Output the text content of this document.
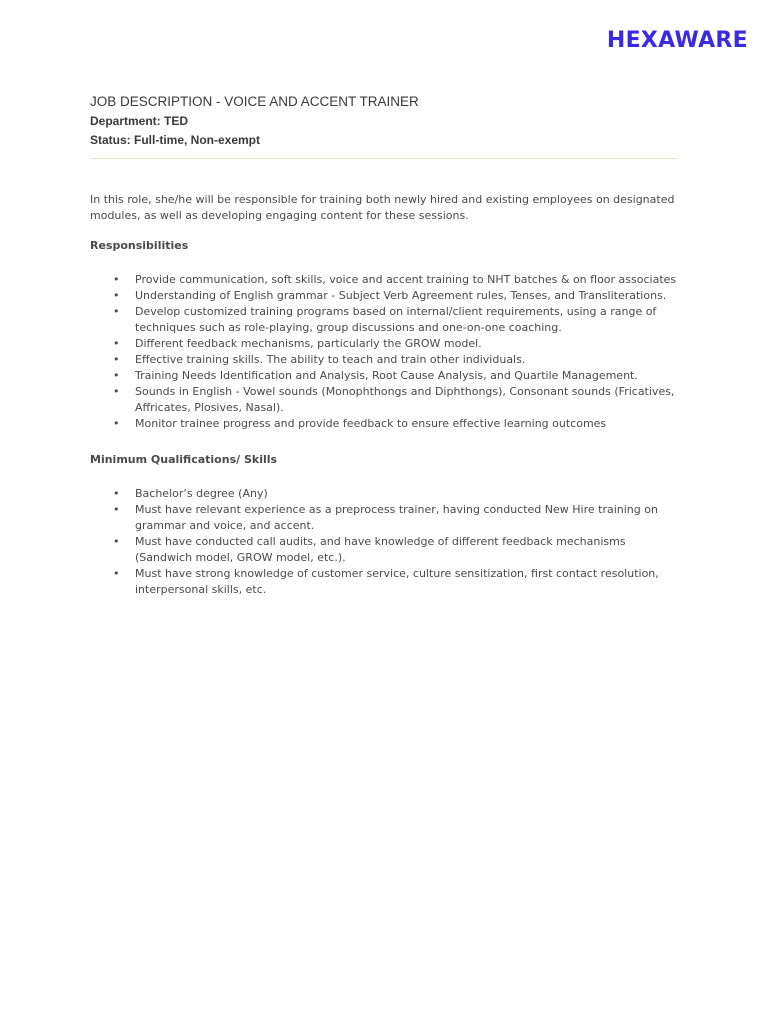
HEXAWARE
JOB DESCRIPTION - VOICE AND ACCENT TRAINER
Department: TED
Status: Full-time, Non-exempt

In this role, she/he will be responsible for training both newly hired and existing employees on designated modules, as well as developing engaging content for these sessions.

Responsibilities
• Provide communication, soft skills, voice and accent training to NHT batches & on floor associates
• Understanding of English grammar - Subject Verb Agreement rules, Tenses, and Transliterations.
• Develop customized training programs based on internal/client requirements, using a range of techniques such as role-playing, group discussions and one-on-one coaching.
• Different feedback mechanisms, particularly the GROW model.
• Effective training skills. The ability to teach and train other individuals.
• Training Needs Identification and Analysis, Root Cause Analysis, and Quartile Management.
• Sounds in English - Vowel sounds (Monophthongs and Diphthongs), Consonant sounds (Fricatives, Affricates, Plosives, Nasal).
• Monitor trainee progress and provide feedback to ensure effective learning outcomes
Minimum Qualifications/ Skills
• Bachelor’s degree (Any)
• Must have relevant experience as a preprocess trainer, having conducted New Hire training on grammar and voice, and accent.
• Must have conducted call audits, and have knowledge of different feedback mechanisms (Sandwich model, GROW model, etc.).
• Must have strong knowledge of customer service, culture sensitization, first contact resolution, interpersonal skills, etc.
